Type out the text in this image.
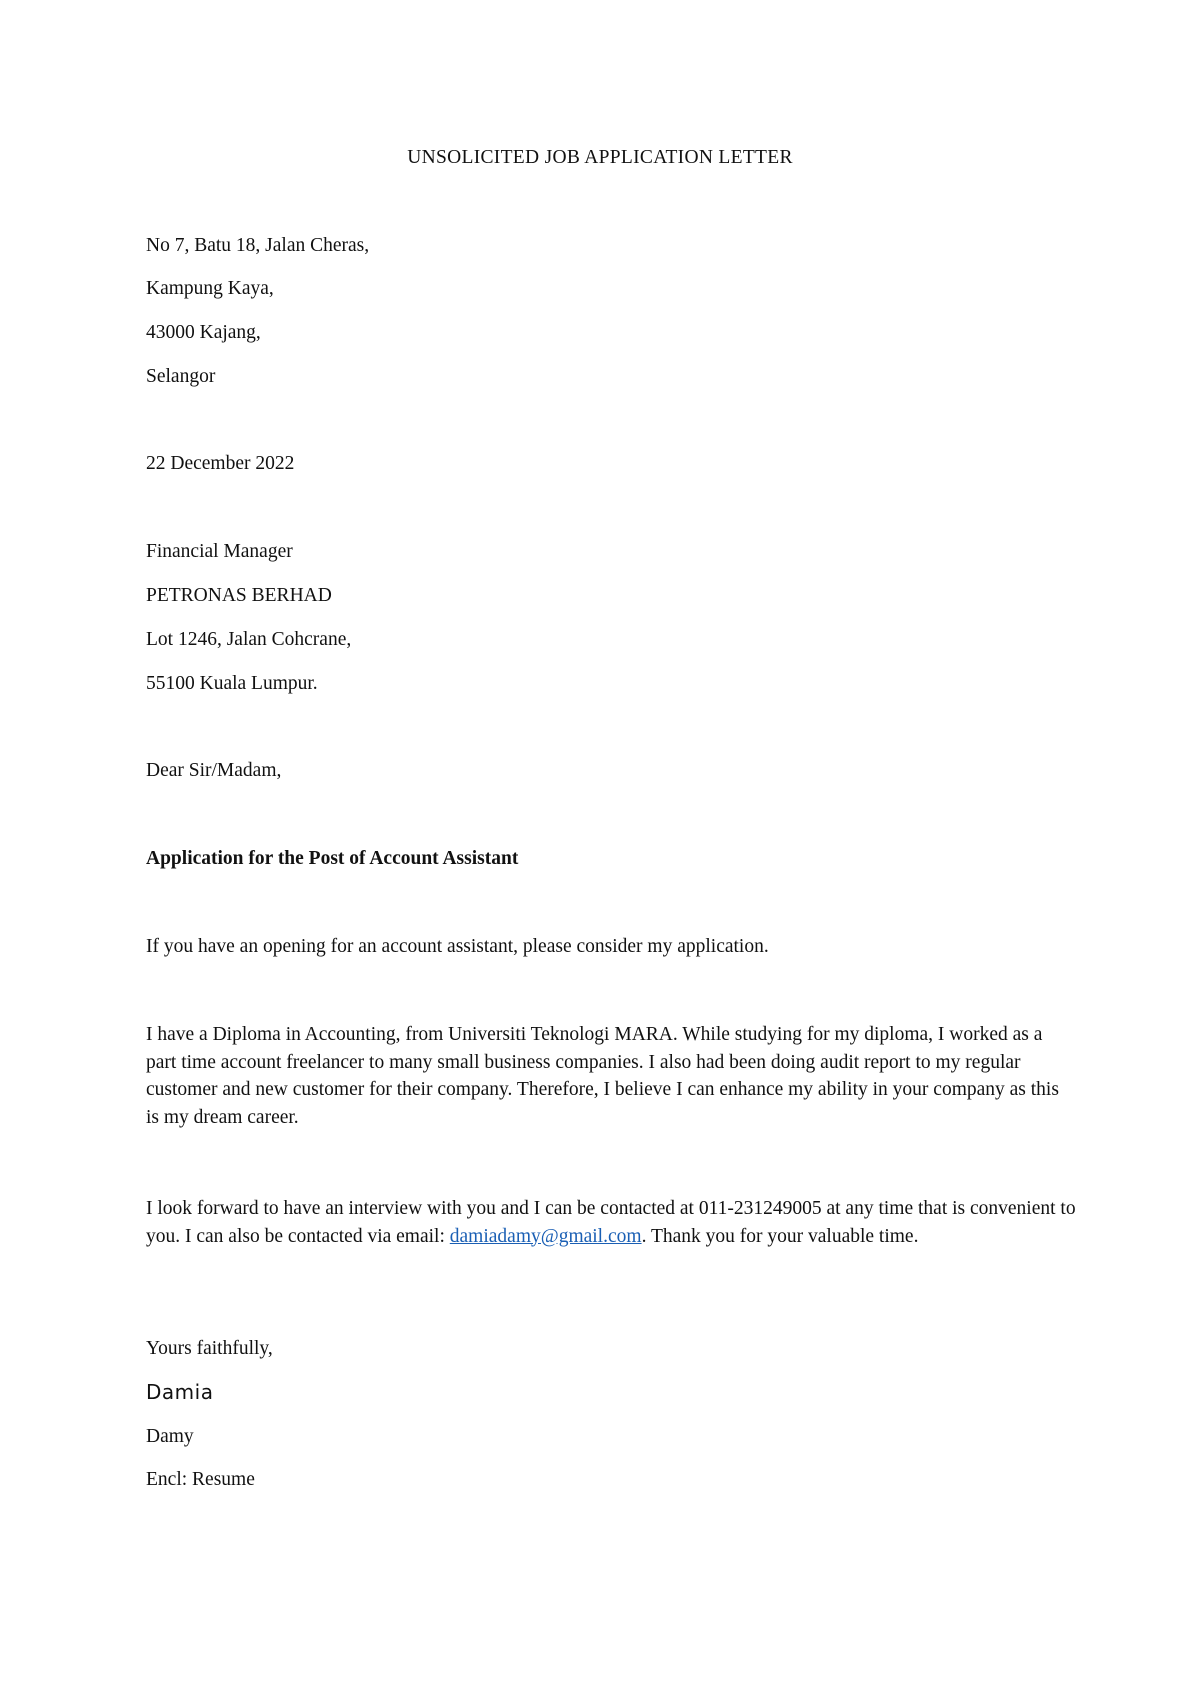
UNSOLICITED JOB APPLICATION LETTER
No 7, Batu 18, Jalan Cheras,
Kampung Kaya,
43000 Kajang,
Selangor
22 December 2022
Financial Manager
PETRONAS BERHAD
Lot 1246, Jalan Cohcrane,
55100 Kuala Lumpur.
Dear Sir/Madam,
Application for the Post of Account Assistant
If you have an opening for an account assistant, please consider my application.
I have a Diploma in Accounting, from Universiti Teknologi MARA. While studying for my diploma, I worked as a part time account freelancer to many small business companies. I also had been doing audit report to my regular customer and new customer for their company. Therefore, I believe I can enhance my ability in your company as this is my dream career.
I look forward to have an interview with you and I can be contacted at 011-231249005 at any time that is convenient to you. I can also be contacted via email: damiadamy@gmail.com. Thank you for your valuable time.
Yours faithfully,
Damia
Damy
Encl: Resume
